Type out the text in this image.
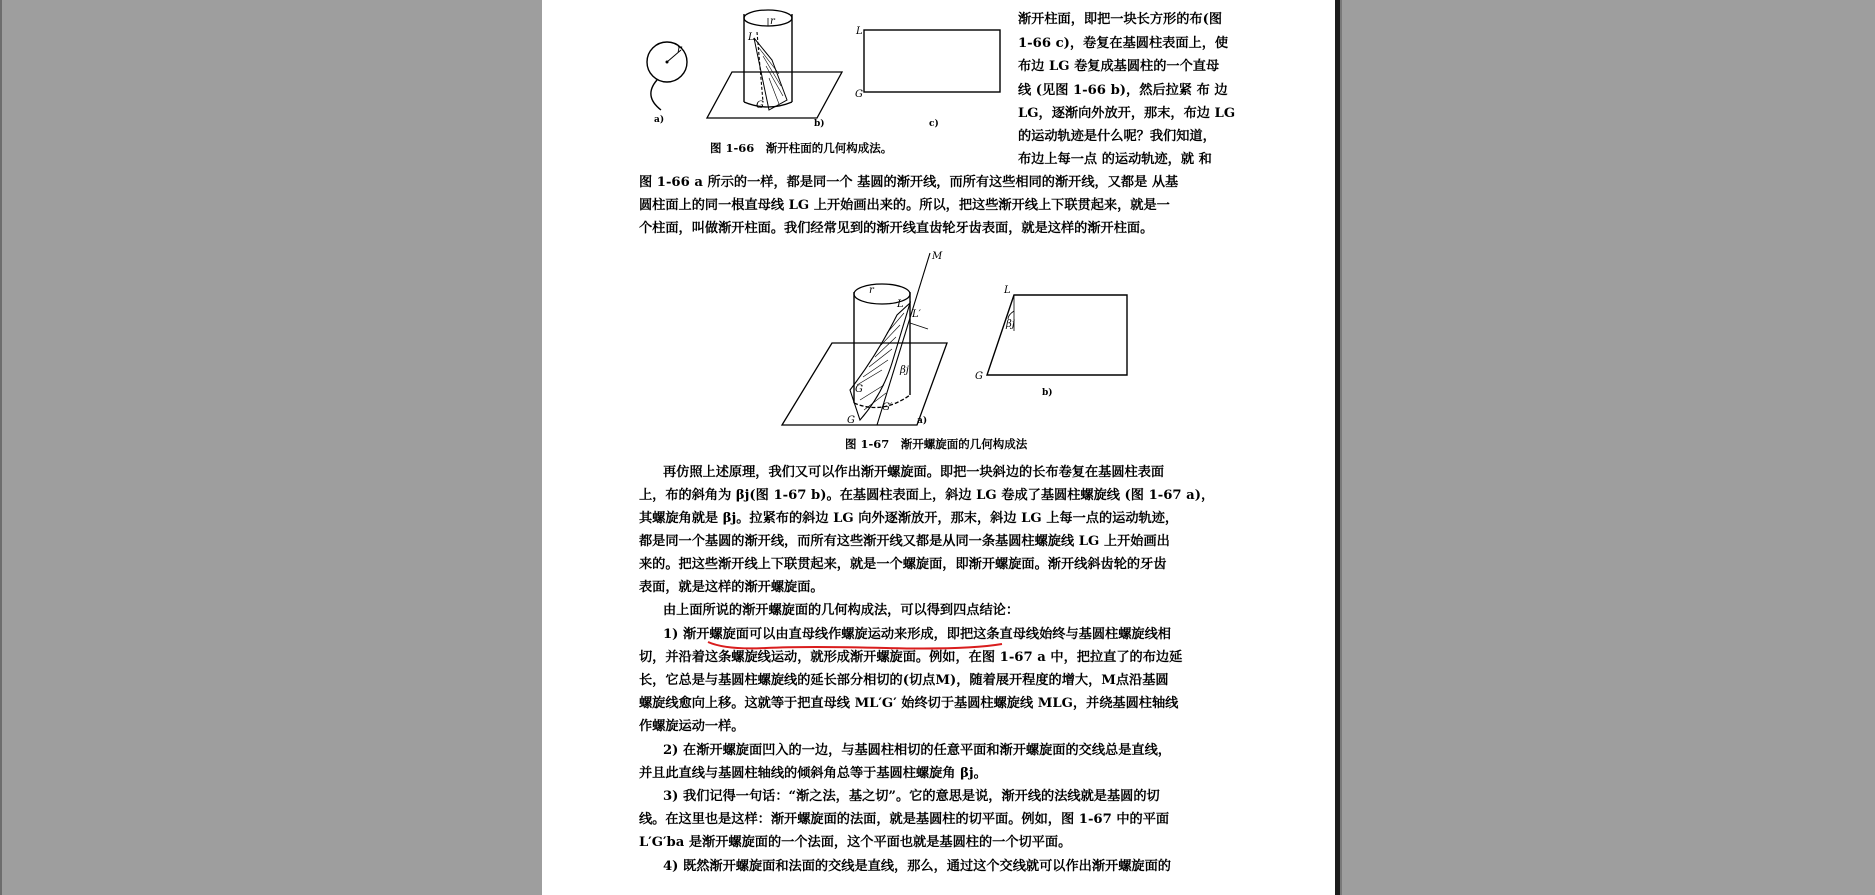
渐开柱面，即把一块长方形的布(图
1-66 c)，卷复在基圆柱表面上，使
布边 LG 卷复成基圆柱的一个直母
线 (见图 1-66 b)，然后拉紧 布 边
LG，逐渐向外放开，那末，布边 LG
的运动轨迹是什么呢？我们知道，
布边上每一点 的运动轨迹，就 和
r
r
L
G
L
G
a)	b)	c)
图 1-66　渐开柱面的几何构成法。
图 1-66 a 所示的一样，都是同一个 基圆的渐开线，而所有这些相同的渐开线，又都是 从基
圆柱面上的同一根直母线 LG 上开始画出来的。所以，把这些渐开线上下联贯起来，就是一
个柱面，叫做渐开柱面。我们经常见到的渐开线直齿轮牙齿表面，就是这样的渐开柱面。
M
r
L
L′
βj
G
G′
G	a)
L
βj
G
b)
图 1-67　渐开螺旋面的几何构成法
再仿照上述原理，我们又可以作出渐开螺旋面。即把一块斜边的长布卷复在基圆柱表面
上，布的斜角为 βj(图 1-67 b)。在基圆柱表面上，斜边 LG 卷成了基圆柱螺旋线 (图 1-67 a)，
其螺旋角就是 βj。拉紧布的斜边 LG 向外逐渐放开，那末，斜边 LG 上每一点的运动轨迹，
都是同一个基圆的渐开线，而所有这些渐开线又都是从同一条基圆柱螺旋线 LG 上开始画出
来的。把这些渐开线上下联贯起来，就是一个螺旋面，即渐开螺旋面。渐开线斜齿轮的牙齿
表面，就是这样的渐开螺旋面。
由上面所说的渐开螺旋面的几何构成法，可以得到四点结论：
1) 渐开螺旋面可以由直母线作螺旋运动来形成，即把这条直母线始终与基圆柱螺旋线相
切，并沿着这条螺旋线运动，就形成渐开螺旋面。例如，在图 1-67 a 中，把拉直了的布边延
长，它总是与基圆柱螺旋线的延长部分相切的(切点M)，随着展开程度的增大，M点沿基圆
螺旋线愈向上移。这就等于把直母线 ML′G′ 始终切于基圆柱螺旋线 MLG，并绕基圆柱轴线
作螺旋运动一样。
2) 在渐开螺旋面凹入的一边，与基圆柱相切的任意平面和渐开螺旋面的交线总是直线，
并且此直线与基圆柱轴线的倾斜角总等于基圆柱螺旋角 βj。
3) 我们记得一句话：“渐之法，基之切”。它的意思是说，渐开线的法线就是基圆的切
线。在这里也是这样：渐开螺旋面的法面，就是基圆柱的切平面。例如，图 1-67 中的平面
L′G′ba 是渐开螺旋面的一个法面，这个平面也就是基圆柱的一个切平面。
4) 既然渐开螺旋面和法面的交线是直线，那么，通过这个交线就可以作出渐开螺旋面的
